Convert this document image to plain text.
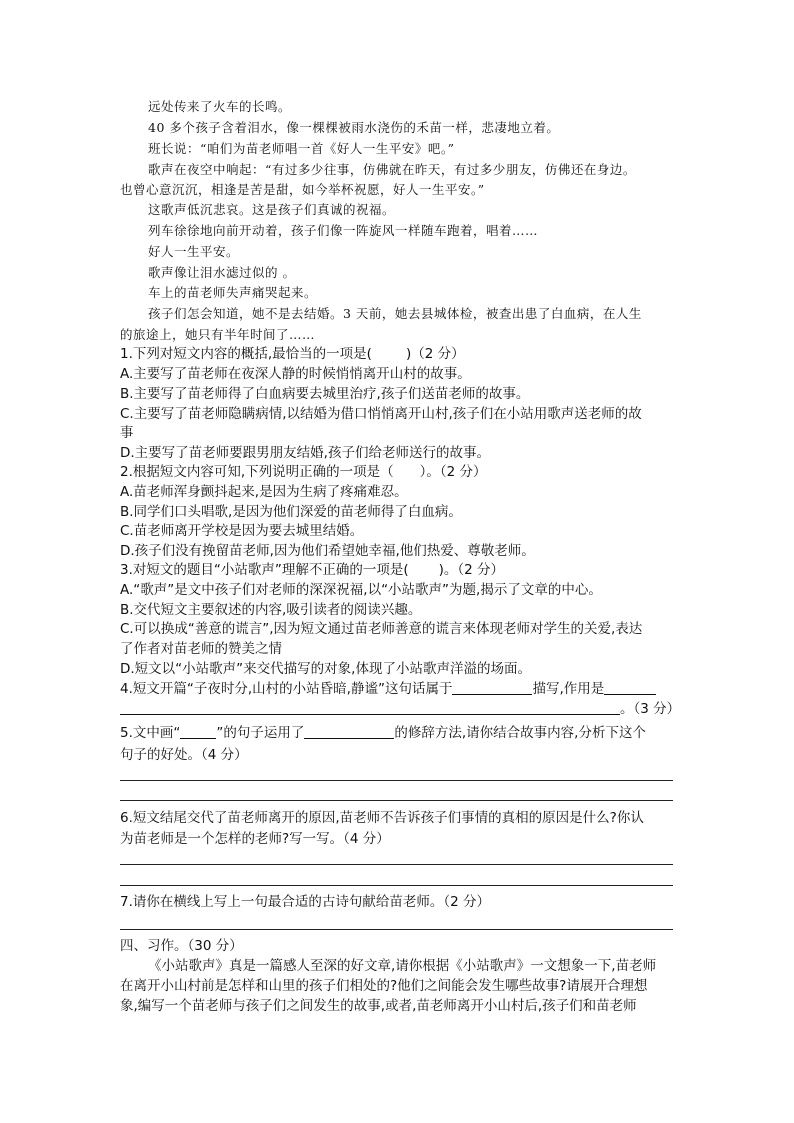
远处传来了火车的长鸣。
40 多个孩子含着泪水，像一棵棵被雨水浇伤的禾苗一样，悲凄地立着。
班长说：“咱们为苗老师唱一首《好人一生平安》吧。”
歌声在夜空中响起：“有过多少往事，仿佛就在昨天，有过多少朋友，仿佛还在身边。
也曾心意沉沉，相逢是苦是甜，如今举杯祝愿，好人一生平安。”
这歌声低沉悲哀。这是孩子们真诚的祝福。
列车徐徐地向前开动着，孩子们像一阵旋风一样随车跑着，唱着……
好人一生平安。
歌声像让泪水滤过似的 。
车上的苗老师失声痛哭起来。
孩子们怎会知道，她不是去结婚。3 天前，她去县城体检，被查出患了白血病，在人生
的旅途上，她只有半年时间了……
1.下列对短文内容的概括,最恰当的一项是(	)（2 分）
A.主要写了苗老师在夜深人静的时候悄悄离开山村的故事。
B.主要写了苗老师得了白血病要去城里治疗,孩子们送苗老师的故事。
C.主要写了苗老师隐瞒病情,以结婚为借口悄悄离开山村,孩子们在小站用歌声送老师的故
事
D.主要写了苗老师要跟男朋友结婚,孩子们给老师送行的故事。
2.根据短文内容可知,下列说明正确的一项是（ ）。（2 分）
A.苗老师浑身颤抖起来,是因为生病了疼痛难忍。
B.同学们口头唱歌,是因为他们深爱的苗老师得了白血病。
C.苗老师离开学校是因为要去城里结婚。
D.孩子们没有挽留苗老师,因为他们希望她幸福,他们热爱、尊敬老师。
3.对短文的题目“小站歌声”理解不正确的一项是( )。（2 分）
A.“歌声”是文中孩子们对老师的深深祝福,以“小站歌声”为题,揭示了文章的中心。
B.交代短文主要叙述的内容,吸引读者的阅读兴趣。
C.可以换成“善意的谎言”,因为短文通过苗老师善意的谎言来体现老师对学生的关爱,表达
了作者对苗老师的赞美之情
D.短文以“小站歌声”来交代描写的对象,体现了小站歌声洋溢的场面。
4.短文开篇“子夜时分,山村的小站昏暗,静谧”这句话属于	描写,作用是
。（3 分）
5.文中画“	”的句子运用了	的修辞方法,请你结合故事内容,分析下这个
句子的好处。（4 分）
6.短文结尾交代了苗老师离开的原因,苗老师不告诉孩子们事情的真相的原因是什么?你认
为苗老师是一个怎样的老师?写一写。（4 分）
7.请你在横线上写上一句最合适的古诗句献给苗老师。（2 分）
四、习作。（30 分）
《小站歌声》真是一篇感人至深的好文章,请你根据《小站歌声》一文想象一下,苗老师
在离开小山村前是怎样和山里的孩子们相处的?他们之间能会发生哪些故事?请展开合理想
象,编写一个苗老师与孩子们之间发生的故事,或者,苗老师离开小山村后,孩子们和苗老师
